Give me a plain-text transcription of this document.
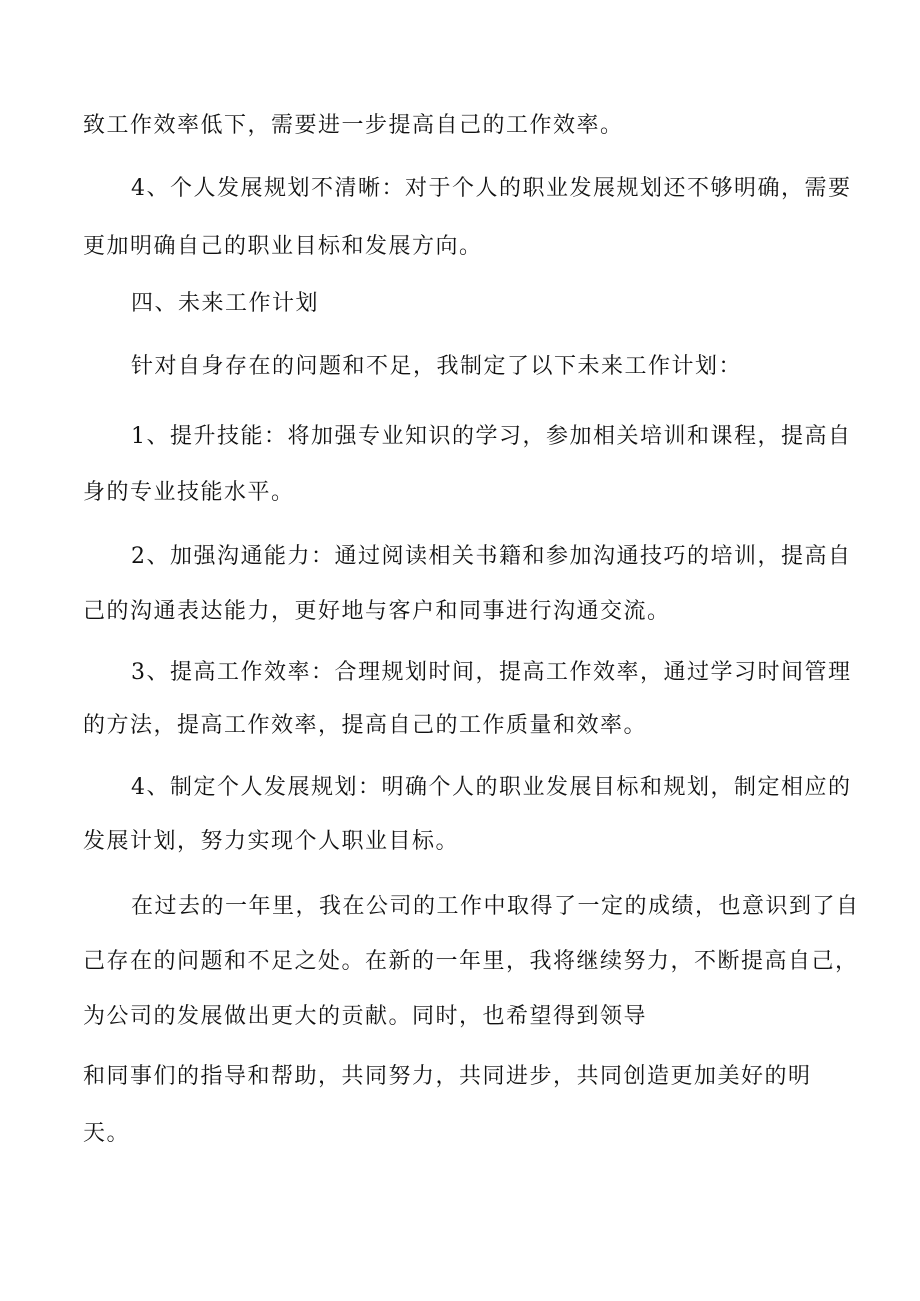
致工作效率低下，需要进一步提高自己的工作效率。
4、个人发展规划不清晰：对于个人的职业发展规划还不够明确，需要
更加明确自己的职业目标和发展方向。
四、未来工作计划
针对自身存在的问题和不足，我制定了以下未来工作计划：
1、提升技能：将加强专业知识的学习，参加相关培训和课程，提高自
身的专业技能水平。
2、加强沟通能力：通过阅读相关书籍和参加沟通技巧的培训，提高自
己的沟通表达能力，更好地与客户和同事进行沟通交流。
3、提高工作效率：合理规划时间，提高工作效率，通过学习时间管理
的方法，提高工作效率，提高自己的工作质量和效率。
4、制定个人发展规划：明确个人的职业发展目标和规划，制定相应的
发展计划，努力实现个人职业目标。
在过去的一年里，我在公司的工作中取得了一定的成绩，也意识到了自
己存在的问题和不足之处。在新的一年里，我将继续努力，不断提高自己，
为公司的发展做出更大的贡献。同时，也希望得到领导
和同事们的指导和帮助，共同努力，共同进步，共同创造更加美好的明
天。
